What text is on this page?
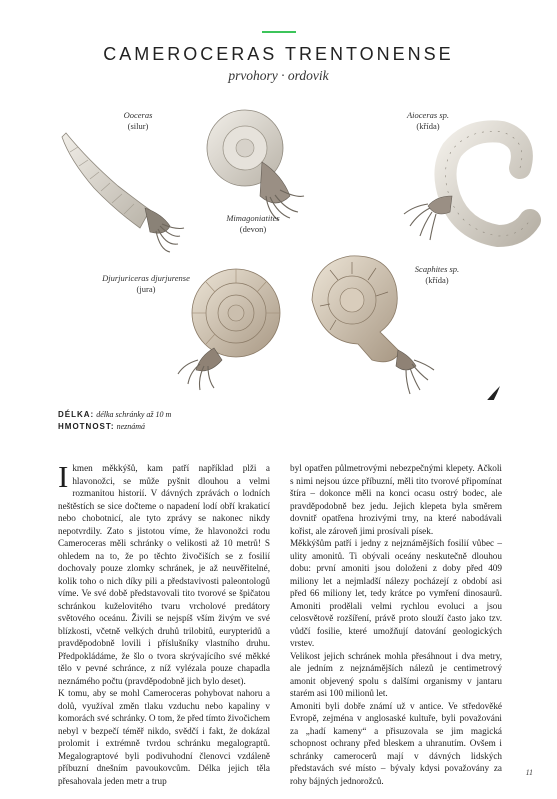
CAMEROCERAS TRENTONENSE
prvohory · ordovik
Ooceras
(silur)
Mimagoniatites
(devon)
Aioceras sp.
(křída)
Djurjuriceras djurjurense
(jura)
Scaphites sp.
(křída)
DÉLKA: délka schránky až 10 m
HMOTNOST: neznámá

Ikmen měkkýšů, kam patří například plži a hlavonožci, se může pyšnit dlouhou a velmi rozmanitou historií. V dávných zprávách o lodních neštěstích se sice dočteme o napadení lodí obří krakaticí nebo chobotnicí, ale tyto zprávy se nakonec nikdy nepotvrdily. Zato s jistotou víme, že hlavonožci rodu Cameroceras měli schránky o velikosti až 10 metrů! S ohledem na to, že po těchto živočiších se z fosilií dochovaly pouze zlomky schránek, je až neuvěřitelné, kolik toho o nich díky pili a představivosti paleontologů víme. Ve své době představovali tito tvorové se špičatou schránkou kuželovitého tvaru vrcholové predátory světového oceánu. Živili se nejspíš vším živým ve své blízkosti, včetně velkých druhů trilobitů, eurypteridů a pravděpodobně lovili i příslušníky vlastního druhu. Předpokládáme, že šlo o tvora skrývajícího své měkké tělo v pevné schránce, z níž vylézala pouze chapadla neznámého počtu (pravděpodobně jich bylo deset).

K tomu, aby se mohl Cameroceras pohybovat nahoru a dolů, využíval změn tlaku vzduchu nebo kapaliny v komorách své schránky. O tom, že před tímto živočichem nebyl v bezpečí téměř nikdo, svědčí i fakt, že dokázal prolomit i extrémně tvrdou schránku megalograptů. Megalograptové byli podivuhodní členovci vzdáleně příbuzní dnešním pavoukovcům. Délka jejich těla přesahovala jeden metr a trup

byl opatřen půlmetrovými nebezpečnými klepety. Ačkoli s nimi nejsou úzce příbuzní, měli tito tvorové připomínat štíra – dokonce měli na konci ocasu ostrý bodec, ale pravděpodobně bez jedu. Jejich klepeta byla směrem dovnitř opatřena hrozivými trny, na které nabodávali kořist, ale zároveň jimi prosívali písek.

Měkkýšům patří i jedny z nejznámějších fosilií vůbec – ulity amonitů. Ti obývali oceány neskutečně dlouhou dobu: první amoniti jsou doloženi z doby před 409 miliony let a nejmladší nálezy pocházejí z období asi před 66 miliony let, tedy krátce po vymření dinosaurů. Amoniti prodělali velmi rychlou evoluci a jsou celosvětově rozšíření, právě proto slouží často jako tzv. vůdčí fosilie, které umožňují datování geologických vrstev.

Velikost jejich schránek mohla přesáhnout i dva metry, ale jedním z nejznámějších nálezů je centimetrový amonit objevený spolu s dalšími organismy v jantaru starém asi 100 milionů let.

Amoniti byli dobře známí už v antice. Ve středověké Evropě, zejména v anglosaské kultuře, byli považováni za „hadí kameny“ a přisuzovala se jim magická schopnost ochrany před bleskem a uhranutím. Ovšem i schránky camerocerů mají v dávných lidských představách své místo – bývaly kdysi považovány za rohy bájných jednorožců.

11
